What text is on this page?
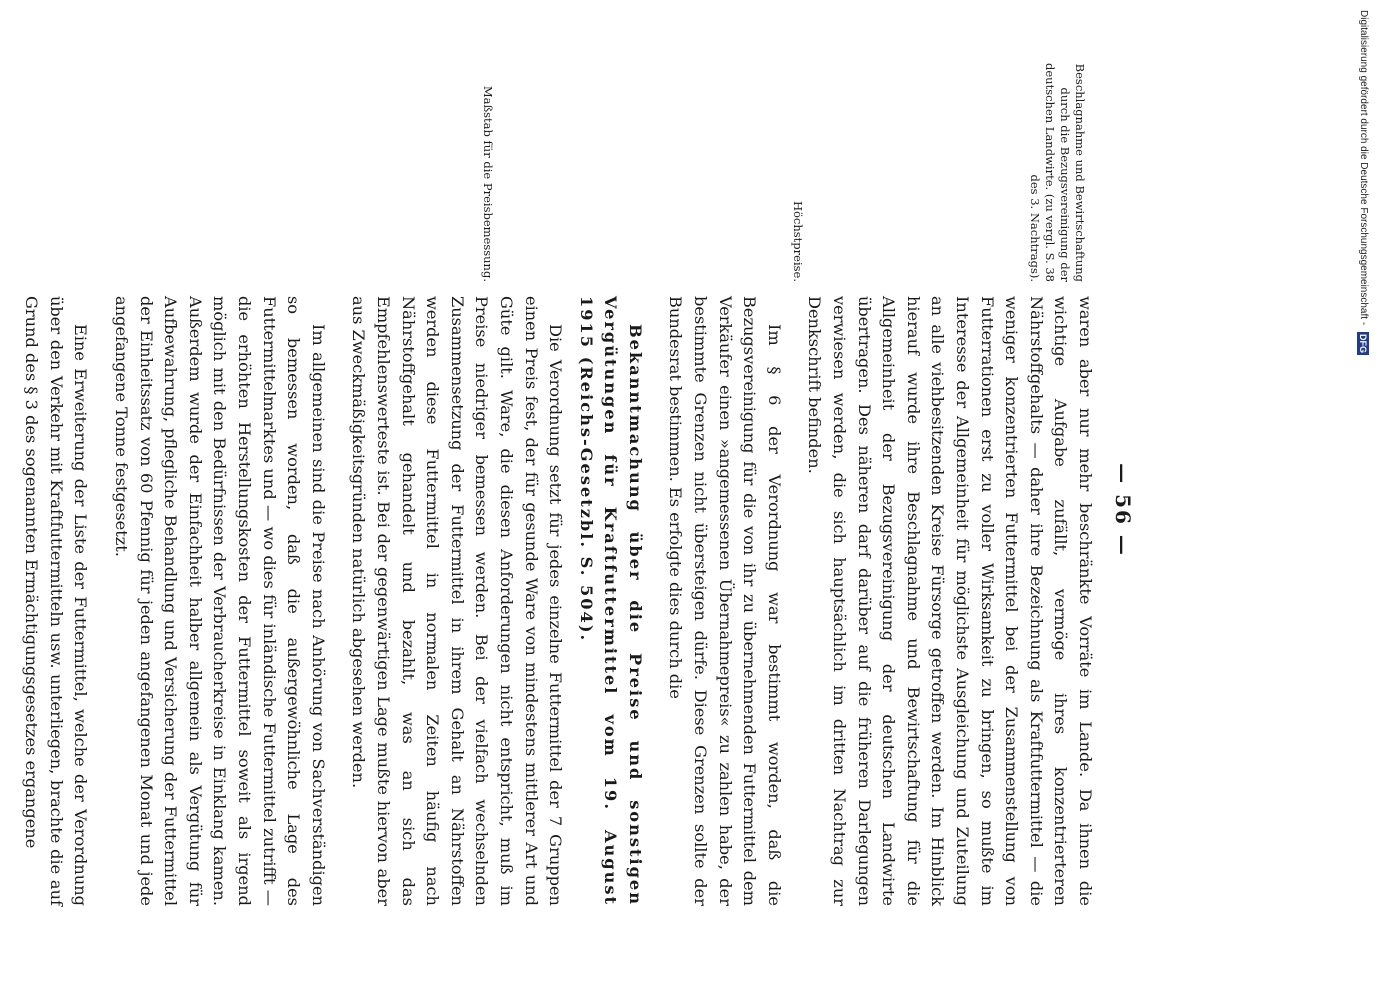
— 56 —
Beschlagnahme und Bewirtschaftung durch die Bezugsvereinigung der deutschen Landwirte. (zu vergl. S. 38 des 3. Nachtrags).
Höchstpreise.
Maßstab für die Preisbemessung.

waren aber nur mehr beschränkte Vorräte im Lande. Da ihnen die wichtige Aufgabe zufällt, vermöge ihres konzentrierteren Nährstoffgehalts — daher ihre Bezeichnung als Kraftfuttermittel — die weniger konzentrierten Futtermittel bei der Zusammenstellung von Futterrationen erst zu voller Wirksamkeit zu bringen, so mußte im Interesse der Allgemeinheit für möglichste Ausgleichung und Zuteilung an alle viehbesitzenden Kreise Fürsorge getroffen werden. Im Hinblick hierauf wurde ihre Beschlagnahme und Bewirtschaftung für die Allgemeinheit der Bezugsvereinigung der deutschen Landwirte übertragen. Des näheren darf darüber auf die früheren Darlegungen verwiesen werden, die sich hauptsächlich im dritten Nachtrag zur Denkschrift befinden.

Im § 6 der Verordnung war bestimmt worden, daß die Bezugsvereinigung für die von ihr zu übernehmenden Futtermittel dem Verkäufer einen »angemessenen Übernahmepreis« zu zahlen habe, der bestimmte Grenzen nicht übersteigen dürfe. Diese Grenzen sollte der Bundesrat bestimmen. Es erfolgte dies durch die

Bekanntmachung über die Preise und sonstigen Vergütungen für Kraftfuttermittel vom 19. August 1915 (Reichs-Gesetzbl. S. 504).

Die Verordnung setzt für jedes einzelne Futtermittel der 7 Gruppen einen Preis fest, der für gesunde Ware von mindestens mittlerer Art und Güte gilt. Ware, die diesen Anforderungen nicht entspricht, muß im Preise niedriger bemessen werden. Bei der vielfach wechselnden Zusammensetzung der Futtermittel in ihrem Gehalt an Nährstoffen werden diese Futtermittel in normalen Zeiten häufig nach Nährstoffgehalt gehandelt und bezahlt, was an sich das Empfehlenswerteste ist. Bei der gegenwärtigen Lage mußte hiervon aber aus Zweckmäßigkeitsgründen natürlich abgesehen werden.

Im allgemeinen sind die Preise nach Anhörung von Sachverständigen so bemessen worden, daß die außergewöhnliche Lage des Futtermittelmarktes und — wo dies für inländische Futtermittel zutrifft — die erhöhten Herstellungskosten der Futtermittel soweit als irgend möglich mit den Bedürfnissen der Verbraucherkreise in Einklang kamen. Außerdem wurde der Einfachheit halber allgemein als Vergütung für Aufbewahrung, pflegliche Behandlung und Versicherung der Futtermittel der Einheitssatz von 60 Pfennig für jeden angefangenen Monat und jede angefangene Tonne festgesetzt.

Eine Erweiterung der Liste der Futtermittel, welche der Verordnung über den Verkehr mit Kraftfuttermitteln usw. unterliegen, brachte die auf Grund des § 3 des sogenannten Ermächtigungsgesetzes ergangene

Digitalisierung gefördert durch die Deutsche Forschungsgemeinschaft - DFG
